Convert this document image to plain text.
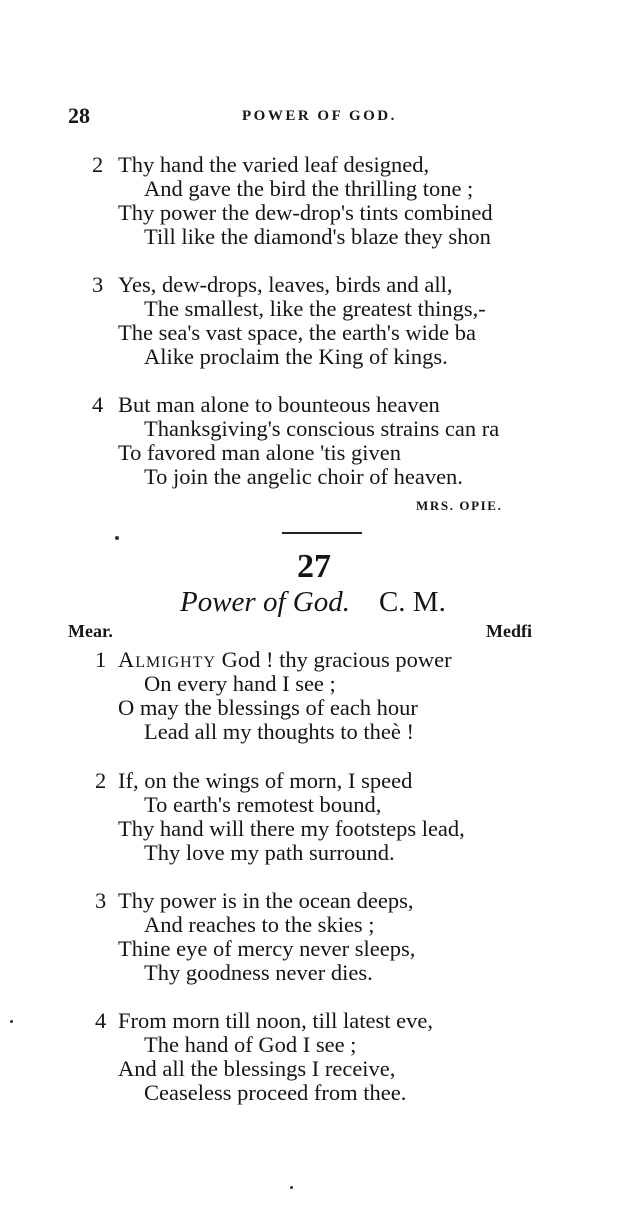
28	POWER OF GOD.
2 Thy hand the varied leaf designed,
And gave the bird the thrilling tone ;
Thy power the dew-drop's tints combined
Till like the diamond's blaze they shon
3 Yes, dew-drops, leaves, birds and all,
The smallest, like the greatest things,-
The sea's vast space, the earth's wide ba
Alike proclaim the King of kings.
4 But man alone to bounteous heaven
Thanksgiving's conscious strains can ra
To favored man alone 'tis given
To join the angelic choir of heaven.
MRS. OPIE.
27
Power of God. C. M.
Mear.	Medfi
1 Almighty God ! thy gracious power
On every hand I see ;
O may the blessings of each hour
Lead all my thoughts to theè !
2 If, on the wings of morn, I speed
To earth's remotest bound,
Thy hand will there my footsteps lead,
Thy love my path surround.
3 Thy power is in the ocean deeps,
And reaches to the skies ;
Thine eye of mercy never sleeps,
Thy goodness never dies.
4 From morn till noon, till latest eve,
The hand of God I see ;
And all the blessings I receive,
Ceaseless proceed from thee.
